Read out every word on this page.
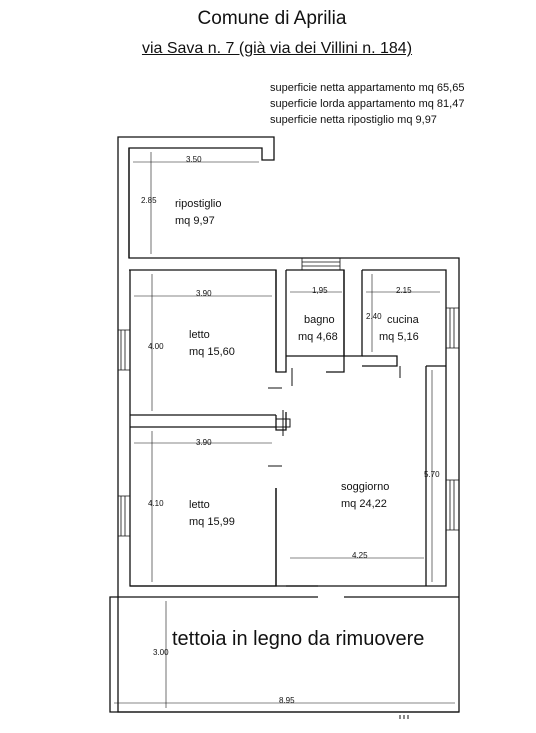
Comune di Aprilia
via Sava n. 7 (già via dei Villini n. 184)
superficie netta appartamento mq 65,65
superficie lorda appartamento mq 81,47
superficie netta ripostiglio mq 9,97
3.50
2.85
3.90
4.00
1,95	2.15
2.40
3.90
4.10
5.70
4.25
3.00
8.95
ripostiglio
mq 9,97
letto
mq 15,60
bagno
mq 4,68
cucina
mq 5,16
letto
mq 15,99
soggiorno
mq 24,22
tettoia in legno da rimuovere
